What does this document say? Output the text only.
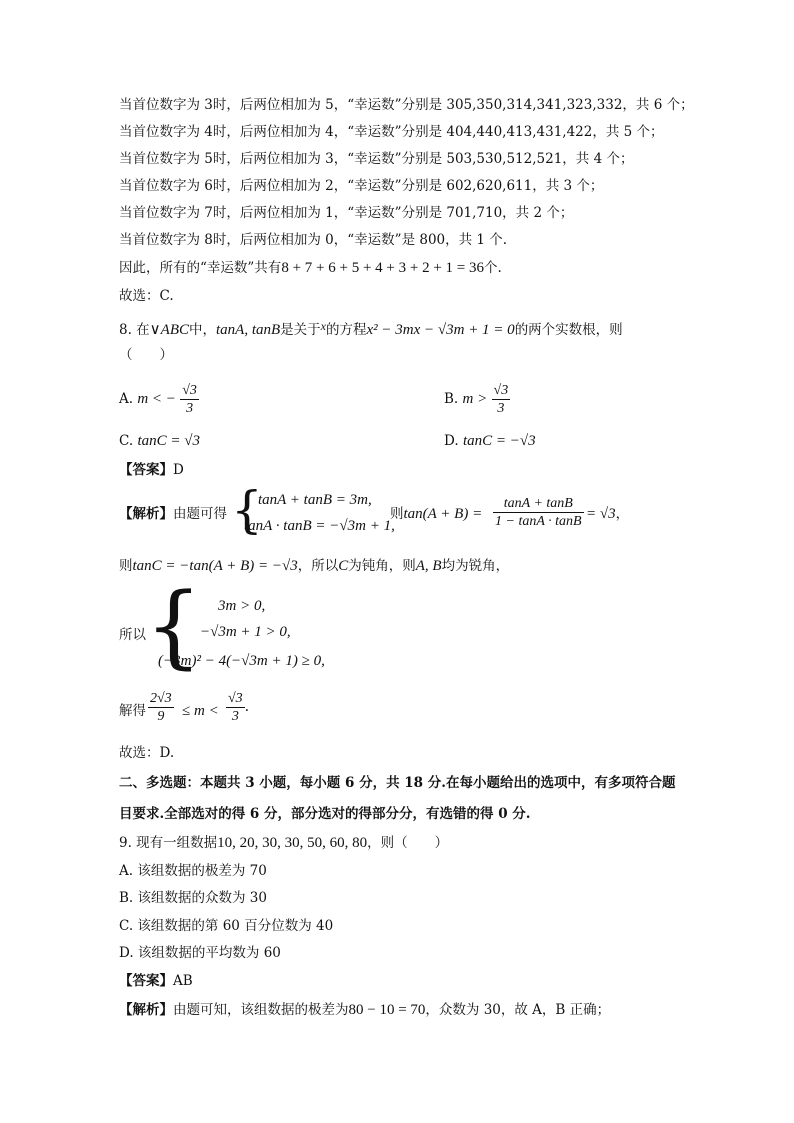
当首位数字为 3时，后两位相加为 5，“幸运数”分别是 305,350,314,341,323,332，共 6 个；
当首位数字为 4时，后两位相加为 4，“幸运数”分别是 404,440,413,431,422，共 5 个；
当首位数字为 5时，后两位相加为 3，“幸运数”分别是 503,530,512,521，共 4 个；
当首位数字为 6时，后两位相加为 2，“幸运数”分别是 602,620,611，共 3 个；
当首位数字为 7时，后两位相加为 1，“幸运数”分别是 701,710，共 2 个；
当首位数字为 8时，后两位相加为 0，“幸运数”是 800，共 1 个.
因此，所有的“幸运数”共有8 + 7 + 6 + 5 + 4 + 3 + 2 + 1 = 36个.
故选：C.
8. 在∨ABC中，tanA, tanB是关于x的方程x² − 3mx − √3m + 1 = 0的两个实数根，则
（　　）
A. m < − $\frac{√3}{3}$	B. $m > \frac{√3}{3}$
C. tanC = √3	D. tanC = −√3
【答案】D
【解析】由题可得 {
tanA + tanB = 3m,
tanA · tanB = −√3m + 1,
则$\tan(A + B) = \frac{\tan A + \tan B}{1 - \tan A \cdot \tan B} = √3$，
则tanC = −tan(A + B) = −√3，所以C为钝角，则A, B均为锐角，
所以 { 3m > 0,
−√3m + 1 > 0,
(−3m)² − 4(−√3m + 1) ≥ 0,
解得 $\frac{2√3}{9} \le m < \frac{√3}{3}$ .
故选：D.
二、多选题：本题共 3 小题，每小题 6 分，共 18 分.在每小题给出的选项中，有多项符合题
目要求.全部选对的得 6 分，部分选对的得部分分，有选错的得 0 分.
9. 现有一组数据10, 20, 30, 30, 50, 60, 80，则（　　）
A. 该组数据的极差为 70
B. 该组数据的众数为 30
C. 该组数据的第 60 百分位数为 40
D. 该组数据的平均数为 60
【答案】AB
【解析】由题可知，该组数据的极差为80 − 10 = 70，众数为 30，故 A，B 正确；
